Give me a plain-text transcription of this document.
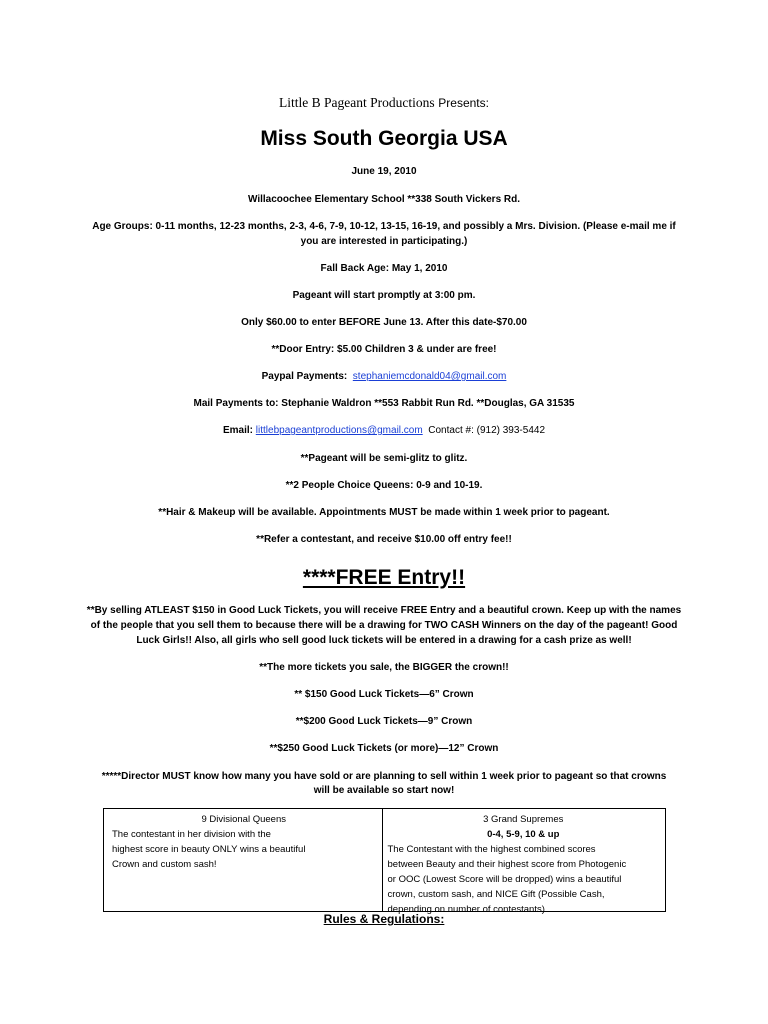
Little B Pageant Productions Presents:
Miss South Georgia USA
June 19, 2010
Willacoochee Elementary School **338 South Vickers Rd.
Age Groups: 0-11 months, 12-23 months, 2-3, 4-6, 7-9, 10-12, 13-15, 16-19, and possibly a Mrs. Division. (Please e-mail me if
you are interested in participating.)
Fall Back Age: May 1, 2010
Pageant will start promptly at 3:00 pm.
Only $60.00 to enter BEFORE June 13. After this date-$70.00
**Door Entry: $5.00 Children 3 & under are free!
Paypal Payments: stephaniemcdonald04@gmail.com
Mail Payments to: Stephanie Waldron **553 Rabbit Run Rd. **Douglas, GA 31535
Email: littlebpageantproductions@gmail.com Contact #: (912) 393-5442
**Pageant will be semi-glitz to glitz.
**2 People Choice Queens: 0-9 and 10-19.
**Hair & Makeup will be available. Appointments MUST be made within 1 week prior to pageant.
**Refer a contestant, and receive $10.00 off entry fee!!
****FREE Entry!!
**By selling ATLEAST $150 in Good Luck Tickets, you will receive FREE Entry and a beautiful crown. Keep up with the names
of the people that you sell them to because there will be a drawing for TWO CASH Winners on the day of the pageant! Good
Luck Girls!! Also, all girls who sell good luck tickets will be entered in a drawing for a cash prize as well!
**The more tickets you sale, the BIGGER the crown!!
** $150 Good Luck Tickets—6” Crown
**$200 Good Luck Tickets—9” Crown
**$250 Good Luck Tickets (or more)—12” Crown
*****Director MUST know how many you have sold or are planning to sell within 1 week prior to pageant so that crowns
will be available so start now!
9 Divisional Queens
The contestant in her division with the
highest score in beauty ONLY wins a beautiful
Crown and custom sash!
3 Grand Supremes
0-4, 5-9, 10 & up
The Contestant with the highest combined scores
between Beauty and their highest score from Photogenic
or OOC (Lowest Score will be dropped) wins a beautiful
crown, custom sash, and NICE Gift (Possible Cash,
depending on number of contestants).
Rules & Regulations:
